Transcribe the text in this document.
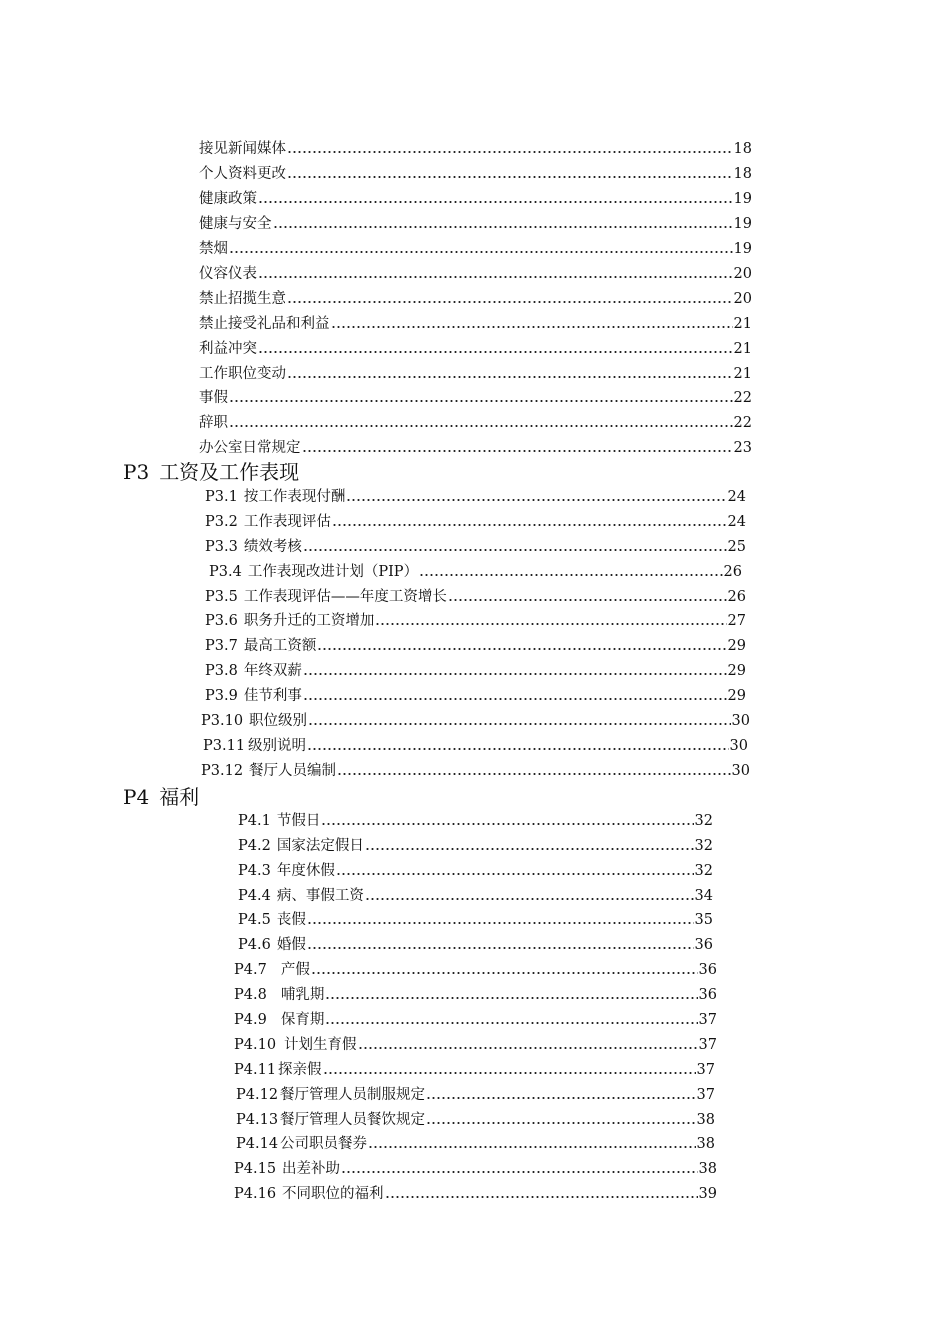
接见新闻媒体	18
个人资料更改	18
健康政策	19
健康与安全	19
禁烟	19
仪容仪表	20
禁止招揽生意	20
禁止接受礼品和利益	21
利益冲突	21
工作职位变动	21
事假	22
辞职	22
办公室日常规定	23
P3 工资及工作表现
P3.1 按工作表现付酬	24
P3.2 工作表现评估	24
P3.3 绩效考核	25
P3.4 工作表现改进计划（PIP）	26
P3.5 工作表现评估——年度工资增长	26
P3.6 职务升迁的工资增加	27
P3.7 最高工资额	29
P3.8 年终双薪	29
P3.9 佳节利事	29
P3.10 职位级别	30
P3.11 级别说明	30
P3.12 餐厅人员编制	30
P4 福利
P4.1 节假日	32
P4.2 国家法定假日	32
P4.3 年度休假	32
P4.4 病、事假工资	34
P4.5 丧假	35
P4.6 婚假	36
P4.7 产假	36
P4.8 哺乳期	36
P4.9 保育期	37
P4.10 计划生育假	37
P4.11 探亲假	37
P4.12 餐厅管理人员制服规定	37
P4.13 餐厅管理人员餐饮规定	38
P4.14 公司职员餐券	38
P4.15 出差补助	38
P4.16 不同职位的福利	39
